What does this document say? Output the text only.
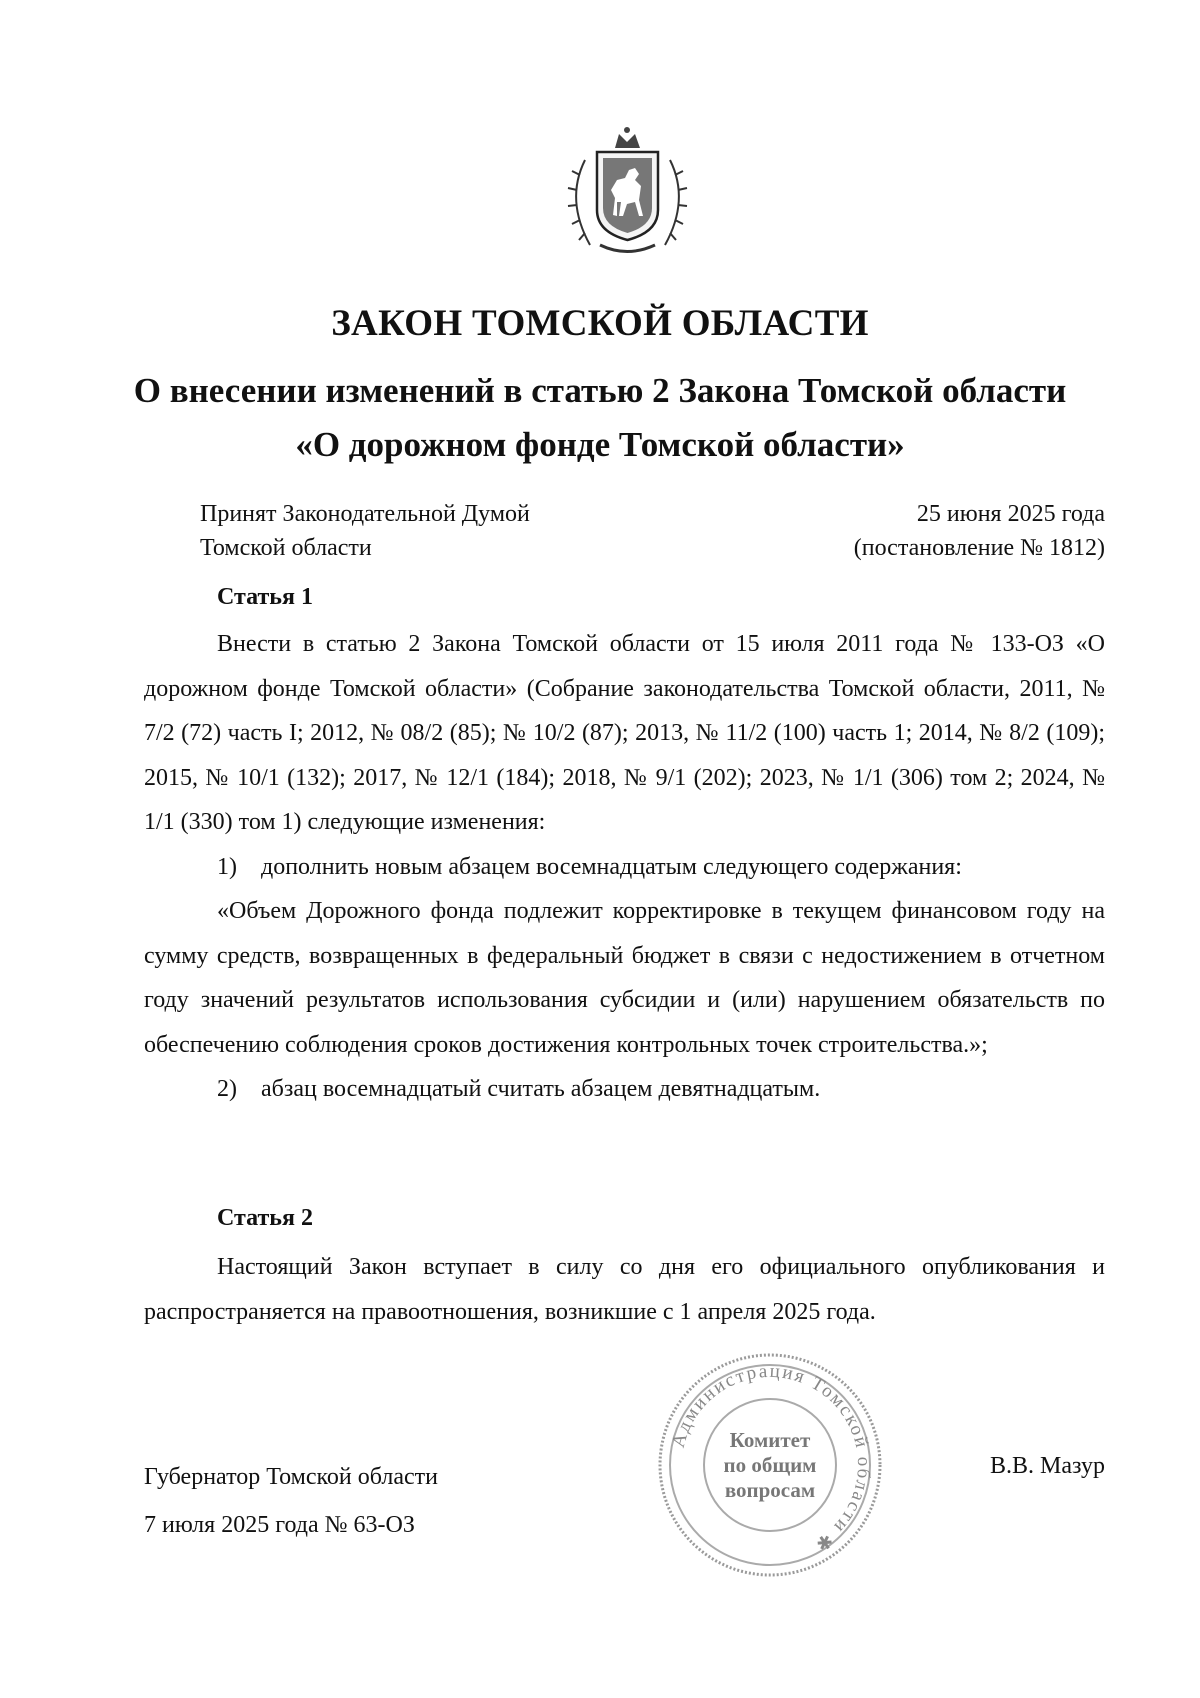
ЗАКОН ТОМСКОЙ ОБЛАСТИ
О внесении изменений в статью 2 Закона Томской области
«О дорожном фонде Томской области»
Принят Законодательной Думой
Томской области
25 июня 2025 года
(постановление № 1812)
Статья 1

Внести в статью 2 Закона Томской области от 15 июля 2011 года № 133-ОЗ «О дорожном фонде Томской области» (Собрание законодательства Томской области, 2011, № 7/2 (72) часть I; 2012, № 08/2 (85); № 10/2 (87); 2013, № 11/2 (100) часть 1; 2014, № 8/2 (109); 2015, № 10/1 (132); 2017, № 12/1 (184); 2018, № 9/1 (202); 2023, № 1/1 (306) том 2; 2024, № 1/1 (330) том 1) следующие изменения:

1) дополнить новым абзацем восемнадцатым следующего содержания:

«Объем Дорожного фонда подлежит корректировке в текущем финансовом году на сумму средств, возвращенных в федеральный бюджет в связи с недостижением в отчетном году значений результатов использования субсидии и (или) нарушением обязательств по обеспечению соблюдения сроков достижения контрольных точек строительства.»;

2) абзац восемнадцатый считать абзацем девятнадцатым.

Статья 2

Настоящий Закон вступает в силу со дня его официального опубликования и распространяется на правоотношения, возникшие с 1 апреля 2025 года.

Губернатор Томской области
7 июля 2025 года № 63-ОЗ
В.В. Мазур
Администрация Томской области ✱
Комитет
по общим
вопросам
